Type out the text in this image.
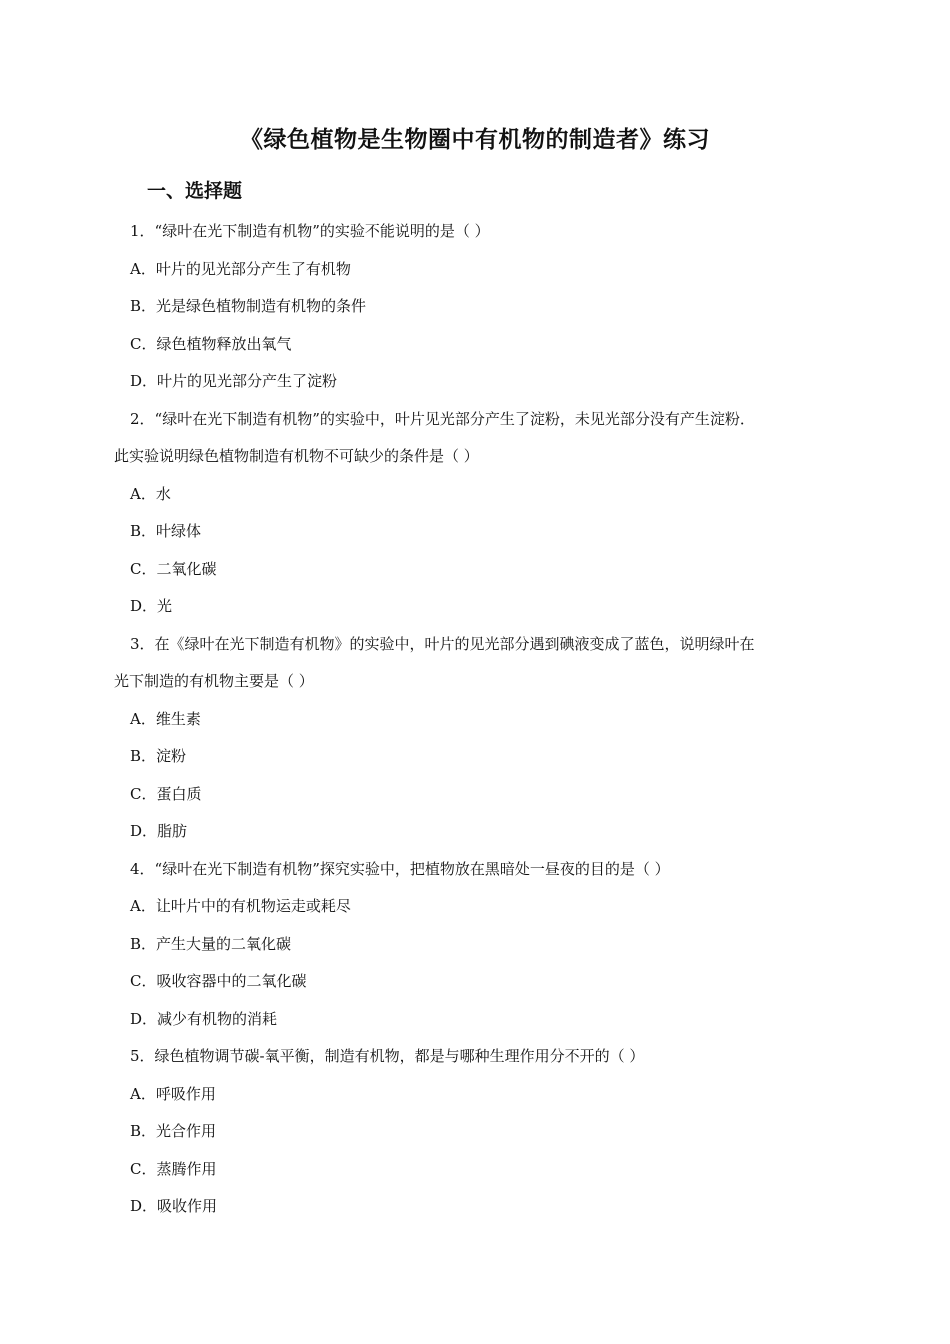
《绿色植物是生物圈中有机物的制造者》练习
一、选择题
1．“绿叶在光下制造有机物”的实验不能说明的是（ ）
A．叶片的见光部分产生了有机物
B．光是绿色植物制造有机物的条件
C．绿色植物释放出氧气
D．叶片的见光部分产生了淀粉
2．“绿叶在光下制造有机物”的实验中，叶片见光部分产生了淀粉，未见光部分没有产生淀粉．
此实验说明绿色植物制造有机物不可缺少的条件是（ ）
A．水
B．叶绿体
C．二氧化碳
D．光
3．在《绿叶在光下制造有机物》的实验中，叶片的见光部分遇到碘液变成了蓝色，说明绿叶在
光下制造的有机物主要是（ ）
A．维生素
B．淀粉
C．蛋白质
D．脂肪
4．“绿叶在光下制造有机物”探究实验中，把植物放在黑暗处一昼夜的目的是（ ）
A．让叶片中的有机物运走或耗尽
B．产生大量的二氧化碳
C．吸收容器中的二氧化碳
D．减少有机物的消耗
5．绿色植物调节碳-氧平衡，制造有机物，都是与哪种生理作用分不开的（ ）
A．呼吸作用
B．光合作用
C．蒸腾作用
D．吸收作用
